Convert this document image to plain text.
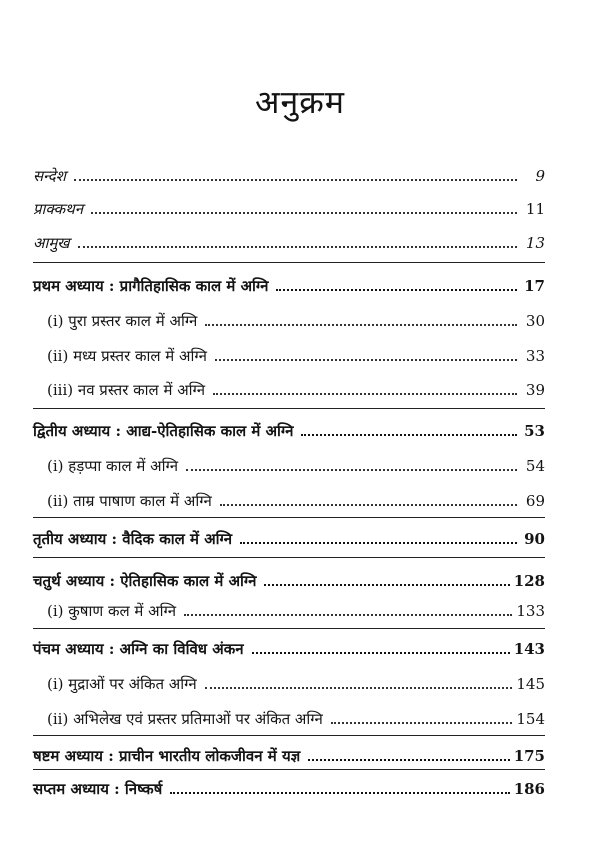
अनुक्रम
सन्देश	9
प्राक्कथन	11
आमुख	13
प्रथम अध्याय : प्रागैतिहासिक काल में अग्नि	17
(i) पुरा प्रस्तर काल में अग्नि	30
(ii) मध्य प्रस्तर काल में अग्नि	33
(iii) नव प्रस्तर काल में अग्नि	39
द्वितीय अध्याय : आद्य-ऐतिहासिक काल में अग्नि	53
(i) हड़प्पा काल में अग्नि	54
(ii) ताम्र पाषाण काल में अग्नि	69
तृतीय अध्याय : वैदिक काल में अग्नि	90
चतुर्थ अध्याय : ऐतिहासिक काल में अग्नि	128
(i) कुषाण कल में अग्नि	133
पंचम अध्याय : अग्नि का विविध अंकन	143
(i) मुद्राओं पर अंकित अग्नि	145
(ii) अभिलेख एवं प्रस्तर प्रतिमाओं पर अंकित अग्नि	154
षष्टम अध्याय : प्राचीन भारतीय लोकजीवन में यज्ञ	175
सप्तम अध्याय : निष्कर्ष	186
